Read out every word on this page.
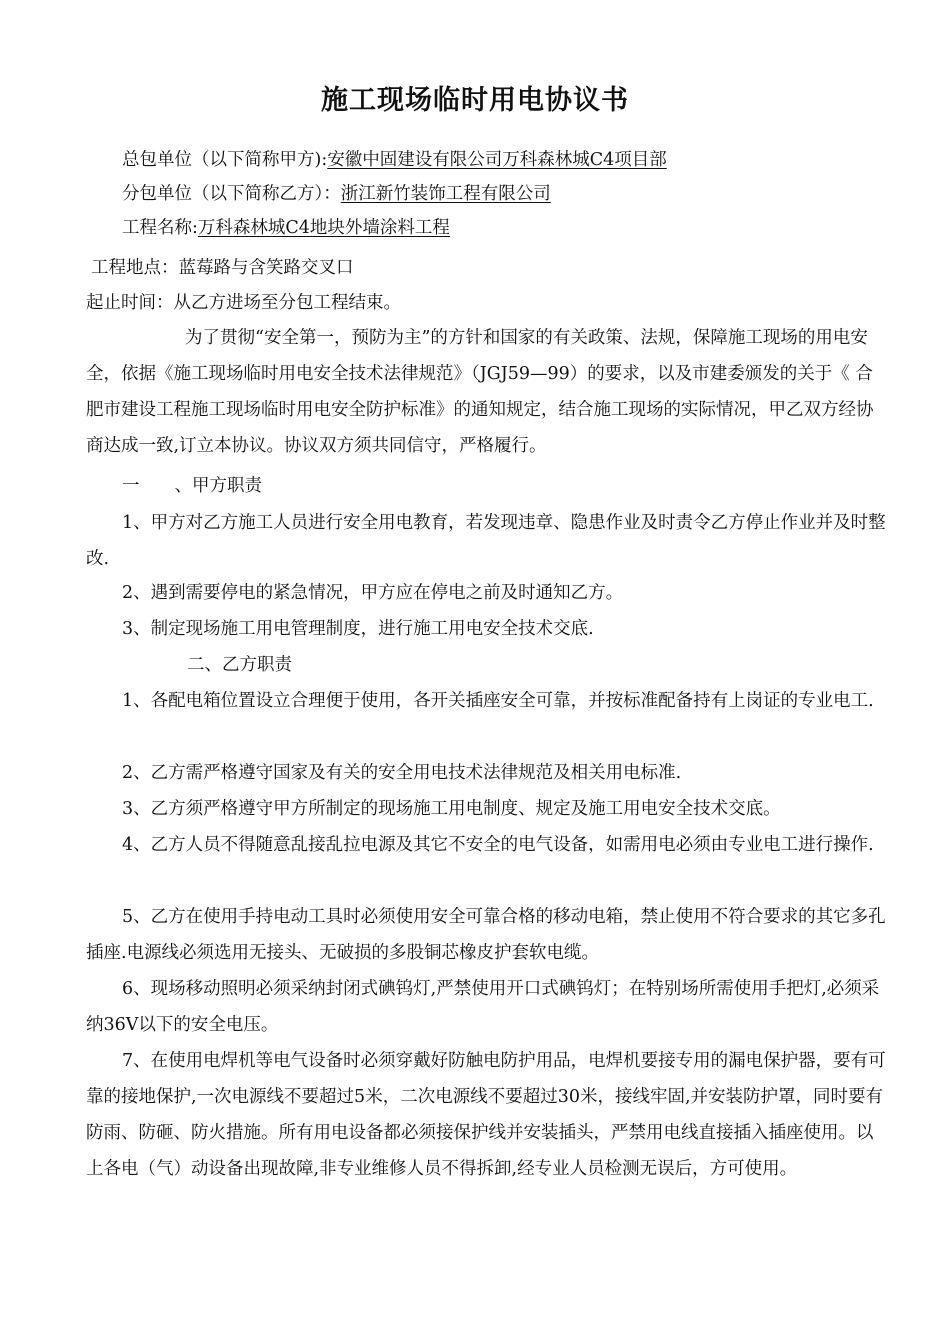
施工现场临时用电协议书
总包单位（以下简称甲方):安徽中固建设有限公司万科森林城C4项目部
分包单位（以下简称乙方）：浙江新竹装饰工程有限公司
工程名称:万科森林城C4地块外墙涂料工程
工程地点：蓝莓路与含笑路交叉口
起止时间：从乙方进场至分包工程结束。
为了贯彻“安全第一，预防为主”的方针和国家的有关政策、法规，保障施工现场的用电安全，依据《施工现场临时用电安全技术法律规范》（JGJ59—99）的要求，以及市建委颁发的关于《 合肥市建设工程施工现场临时用电安全防护标准》的通知规定，结合施工现场的实际情况，甲乙双方经协商达成一致,订立本协议。协议双方须共同信守，严格履行。
一　　、甲方职责
1、甲方对乙方施工人员进行安全用电教育，若发现违章、隐患作业及时责令乙方停止作业并及时整改.
2、遇到需要停电的紧急情况，甲方应在停电之前及时通知乙方。
3、制定现场施工用电管理制度，进行施工用电安全技术交底.
二、乙方职责
1、各配电箱位置设立合理便于使用，各开关插座安全可靠，并按标准配备持有上岗证的专业电工.
2、乙方需严格遵守国家及有关的安全用电技术法律规范及相关用电标准.
3、乙方须严格遵守甲方所制定的现场施工用电制度、规定及施工用电安全技术交底。
4、乙方人员不得随意乱接乱拉电源及其它不安全的电气设备，如需用电必须由专业电工进行操作.
5、乙方在使用手持电动工具时必须使用安全可靠合格的移动电箱，禁止使用不符合要求的其它多孔插座.电源线必须选用无接头、无破损的多股铜芯橡皮护套软电缆。
6、现场移动照明必须采纳封闭式碘钨灯,严禁使用开口式碘钨灯；在特别场所需使用手把灯,必须采纳36V以下的安全电压。
7、在使用电焊机等电气设备时必须穿戴好防触电防护用品，电焊机要接专用的漏电保护器，要有可靠的接地保护,一次电源线不要超过5米，二次电源线不要超过30米，接线牢固,并安装防护罩，同时要有防雨、防砸、防火措施。所有用电设备都必须接保护线并安装插头，严禁用电线直接插入插座使用。以上各电（气）动设备出现故障,非专业维修人员不得拆卸,经专业人员检测无误后，方可使用。
